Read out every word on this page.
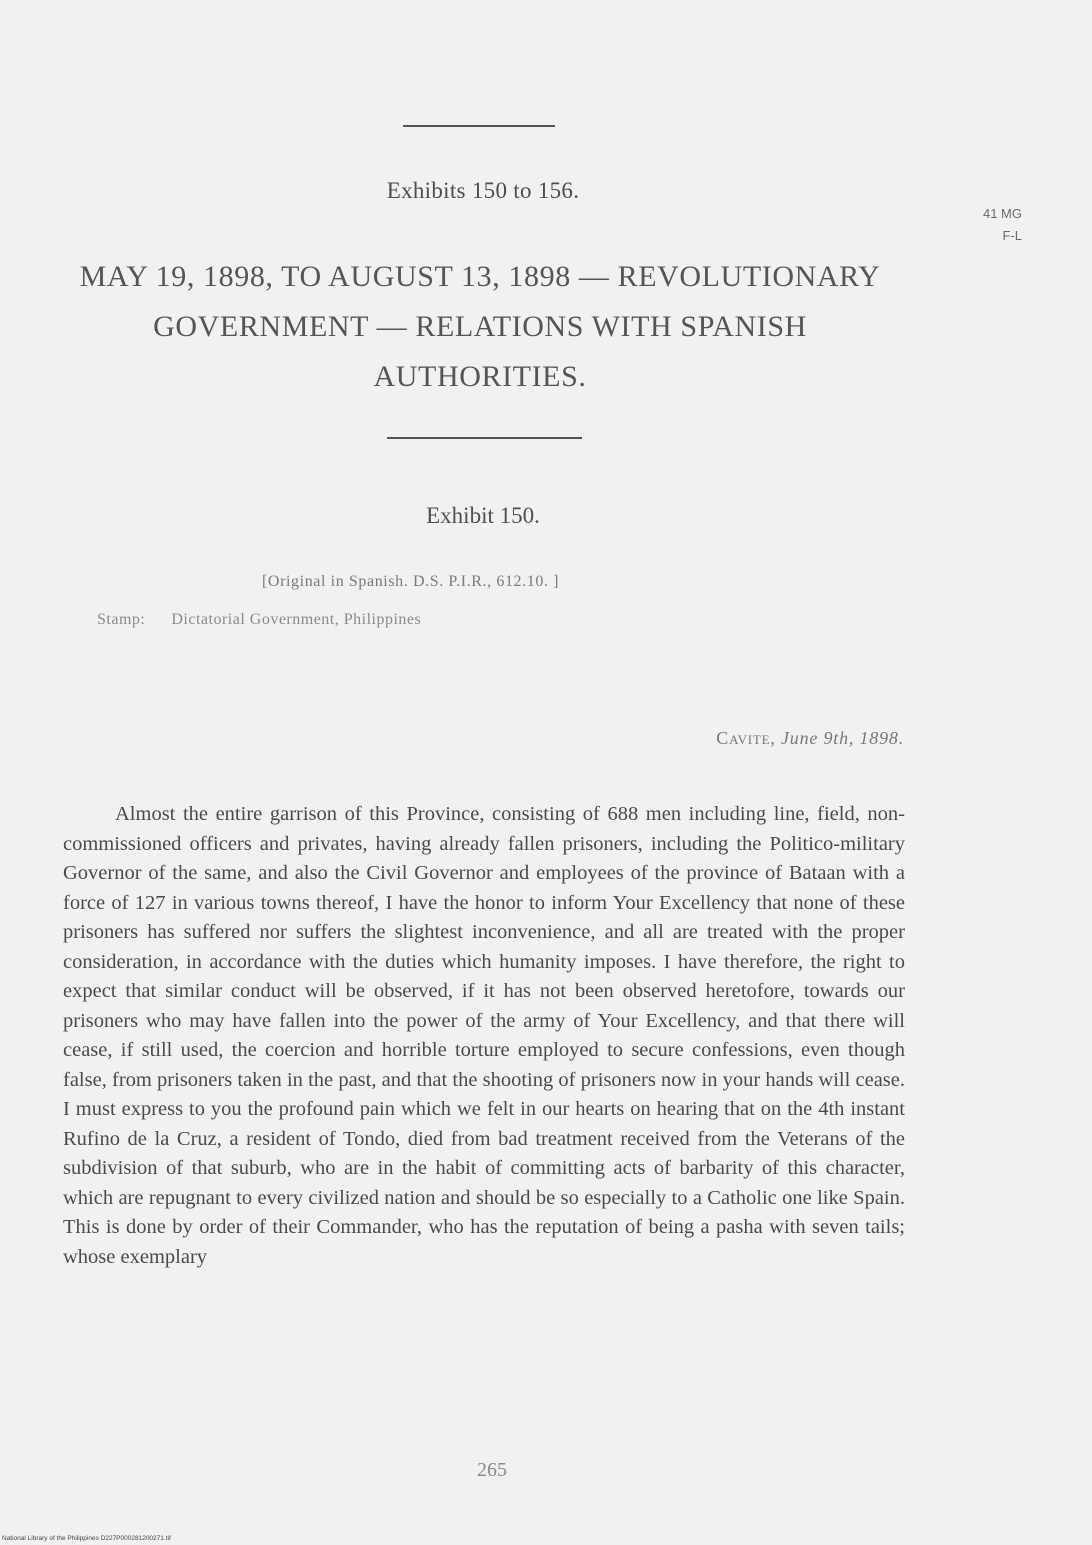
Exhibits 150 to 156.
41 MG
F-L
MAY 19, 1898, TO AUGUST 13, 1898 — REVOLUTIONARY
GOVERNMENT — RELATIONS WITH SPANISH
AUTHORITIES.
Exhibit 150.
[Original in Spanish. D.S. P.I.R., 612.10. ]
Stamp: Dictatorial Government, Philippines
Cavite, June 9th, 1898.

Almost the entire garrison of this Province, consisting of 688 men including line, field, non-commissioned officers and privates, having already fallen prisoners, including the Politico-military Governor of the same, and also the Civil Governor and employees of the province of Bataan with a force of 127 in various towns thereof, I have the honor to inform Your Excellency that none of these prisoners has suffered nor suffers the slightest inconvenience, and all are treated with the proper consideration, in accordance with the duties which humanity imposes. I have therefore, the right to expect that similar conduct will be observed, if it has not been observed heretofore, towards our prisoners who may have fallen into the power of the army of Your Excellency, and that there will cease, if still used, the coercion and horrible torture employed to secure confessions, even though false, from prisoners taken in the past, and that the shooting of prisoners now in your hands will cease. I must express to you the profound pain which we felt in our hearts on hearing that on the 4th instant Rufino de la Cruz, a resident of Tondo, died from bad treatment received from the Veterans of the subdivision of that suburb, who are in the habit of committing acts of barbarity of this character, which are repugnant to every civilized nation and should be so especially to a Catholic one like Spain. This is done by order of their Commander, who has the reputation of being a pasha with seven tails; whose exemplary

265
National Library of the Philippines D227P000281200271.tif
